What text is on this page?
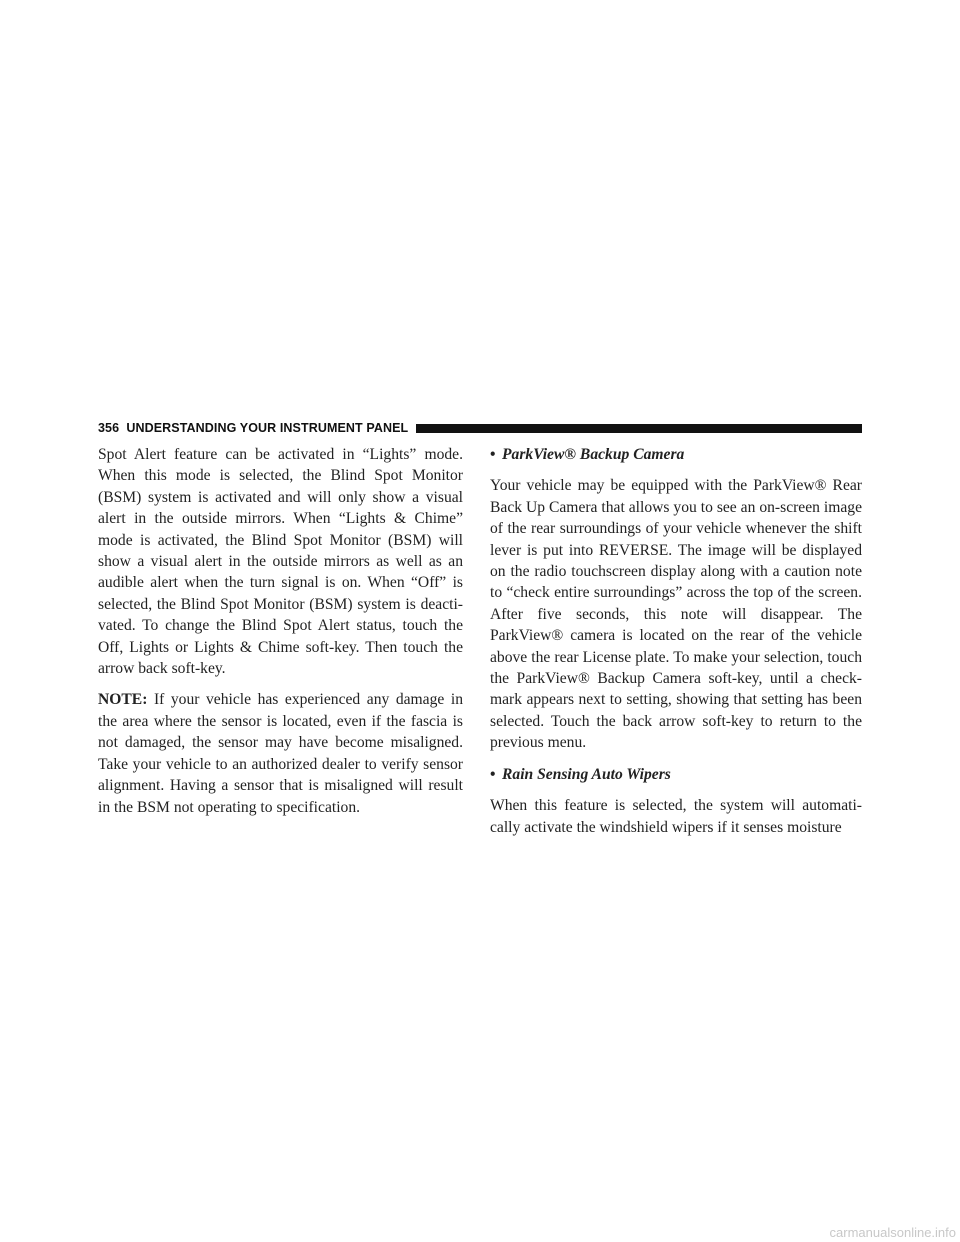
356 UNDERSTANDING YOUR INSTRUMENT PANEL

Spot Alert feature can be activated in “Lights” mode. When this mode is selected, the Blind Spot Monitor (BSM) system is activated and will only show a visual alert in the outside mirrors. When “Lights & Chime” mode is activated, the Blind Spot Monitor (BSM) will show a visual alert in the outside mirrors as well as an audible alert when the turn signal is on. When “Off” is selected, the Blind Spot Monitor (BSM) system is deacti-vated. To change the Blind Spot Alert status, touch the Off, Lights or Lights & Chime soft-key. Then touch the arrow back soft-key.

NOTE: If your vehicle has experienced any damage in the area where the sensor is located, even if the fascia is not damaged, the sensor may have become misaligned. Take your vehicle to an authorized dealer to verify sensor alignment. Having a sensor that is misaligned will result in the BSM not operating to specification.

• ParkView® Backup Camera

Your vehicle may be equipped with the ParkView® Rear Back Up Camera that allows you to see an on-screen image of the rear surroundings of your vehicle whenever the shift lever is put into REVERSE. The image will be displayed on the radio touchscreen display along with a caution note to “check entire surroundings” across the top of the screen. After five seconds, this note will disappear. The ParkView® camera is located on the rear of the vehicle above the rear License plate. To make your selection, touch the ParkView® Backup Camera soft-key, until a check-mark appears next to setting, showing that setting has been selected. Touch the back arrow soft-key to return to the previous menu.

• Rain Sensing Auto Wipers

When this feature is selected, the system will automati-cally activate the windshield wipers if it senses moisture

carmanualsonline.info
